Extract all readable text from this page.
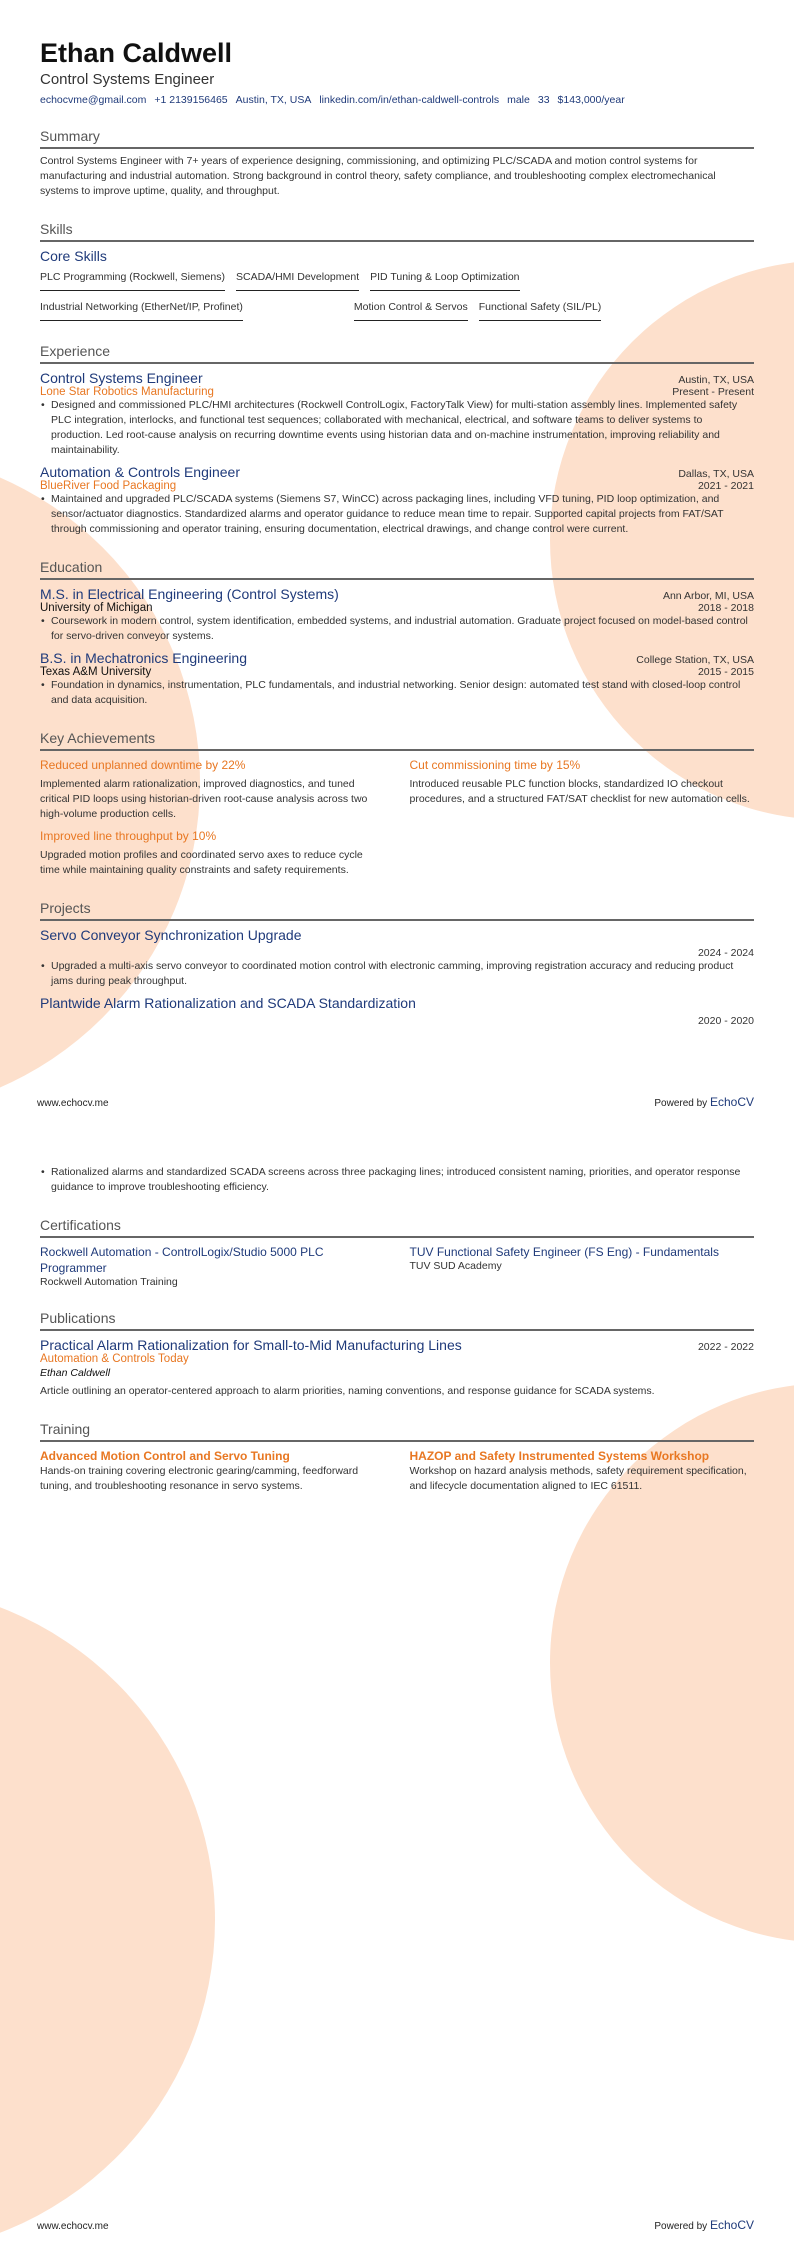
Ethan Caldwell
Control Systems Engineer
echocvme@gmail.com +1 2139156465 Austin, TX, USA linkedin.com/in/ethan-caldwell-controls male 33 $143,000/year
Summary
Control Systems Engineer with 7+ years of experience designing, commissioning, and optimizing PLC/SCADA and motion control systems for manufacturing and industrial automation. Strong background in control theory, safety compliance, and troubleshooting complex electromechanical systems to improve uptime, quality, and throughput.
Skills
Core Skills
PLC Programming (Rockwell, Siemens) SCADA/HMI Development PID Tuning & Loop Optimization
Industrial Networking (EtherNet/IP, Profinet)	Motion Control & Servos Functional Safety (SIL/PL)
Experience
Control Systems Engineer	Austin, TX, USA
Lone Star Robotics Manufacturing	Present - Present
• Designed and commissioned PLC/HMI architectures (Rockwell ControlLogix, FactoryTalk View) for multi-station assembly lines. Implemented safety PLC integration, interlocks, and functional test sequences; collaborated with mechanical, electrical, and software teams to deliver systems to production. Led root-cause analysis on recurring downtime events using historian data and on-machine instrumentation, improving reliability and maintainability.
Automation & Controls Engineer	Dallas, TX, USA
BlueRiver Food Packaging	2021 - 2021
• Maintained and upgraded PLC/SCADA systems (Siemens S7, WinCC) across packaging lines, including VFD tuning, PID loop optimization, and sensor/actuator diagnostics. Standardized alarms and operator guidance to reduce mean time to repair. Supported capital projects from FAT/SAT through commissioning and operator training, ensuring documentation, electrical drawings, and change control were current.
Education
M.S. in Electrical Engineering (Control Systems)	Ann Arbor, MI, USA
University of Michigan	2018 - 2018
• Coursework in modern control, system identification, embedded systems, and industrial automation. Graduate project focused on model-based control for servo-driven conveyor systems.
B.S. in Mechatronics Engineering	College Station, TX, USA
Texas A&M University	2015 - 2015
• Foundation in dynamics, instrumentation, PLC fundamentals, and industrial networking. Senior design: automated test stand with closed-loop control and data acquisition.
Key Achievements
Reduced unplanned downtime by 22%
Implemented alarm rationalization, improved diagnostics, and tuned critical PID loops using historian-driven root-cause analysis across two high-volume production cells.
Cut commissioning time by 15%
Introduced reusable PLC function blocks, standardized IO checkout procedures, and a structured FAT/SAT checklist for new automation cells.
Improved line throughput by 10%
Upgraded motion profiles and coordinated servo axes to reduce cycle time while maintaining quality constraints and safety requirements.
Projects
Servo Conveyor Synchronization Upgrade
2024 - 2024
• Upgraded a multi-axis servo conveyor to coordinated motion control with electronic camming, improving registration accuracy and reducing product jams during peak throughput.
Plantwide Alarm Rationalization and SCADA Standardization
2020 - 2020
www.echocv.me	Powered by EchoCV
• Rationalized alarms and standardized SCADA screens across three packaging lines; introduced consistent naming, priorities, and operator response guidance to improve troubleshooting efficiency.
Certifications
Rockwell Automation - ControlLogix/Studio 5000 PLC Programmer
Rockwell Automation Training
TUV Functional Safety Engineer (FS Eng) - Fundamentals
TUV SUD Academy
Publications
Practical Alarm Rationalization for Small-to-Mid Manufacturing Lines	2022 - 2022
Automation & Controls Today
Ethan Caldwell
Article outlining an operator-centered approach to alarm priorities, naming conventions, and response guidance for SCADA systems.
Training
Advanced Motion Control and Servo Tuning
Hands-on training covering electronic gearing/camming, feedforward tuning, and troubleshooting resonance in servo systems.
HAZOP and Safety Instrumented Systems Workshop
Workshop on hazard analysis methods, safety requirement specification, and lifecycle documentation aligned to IEC 61511.
www.echocv.me	Powered by EchoCV
